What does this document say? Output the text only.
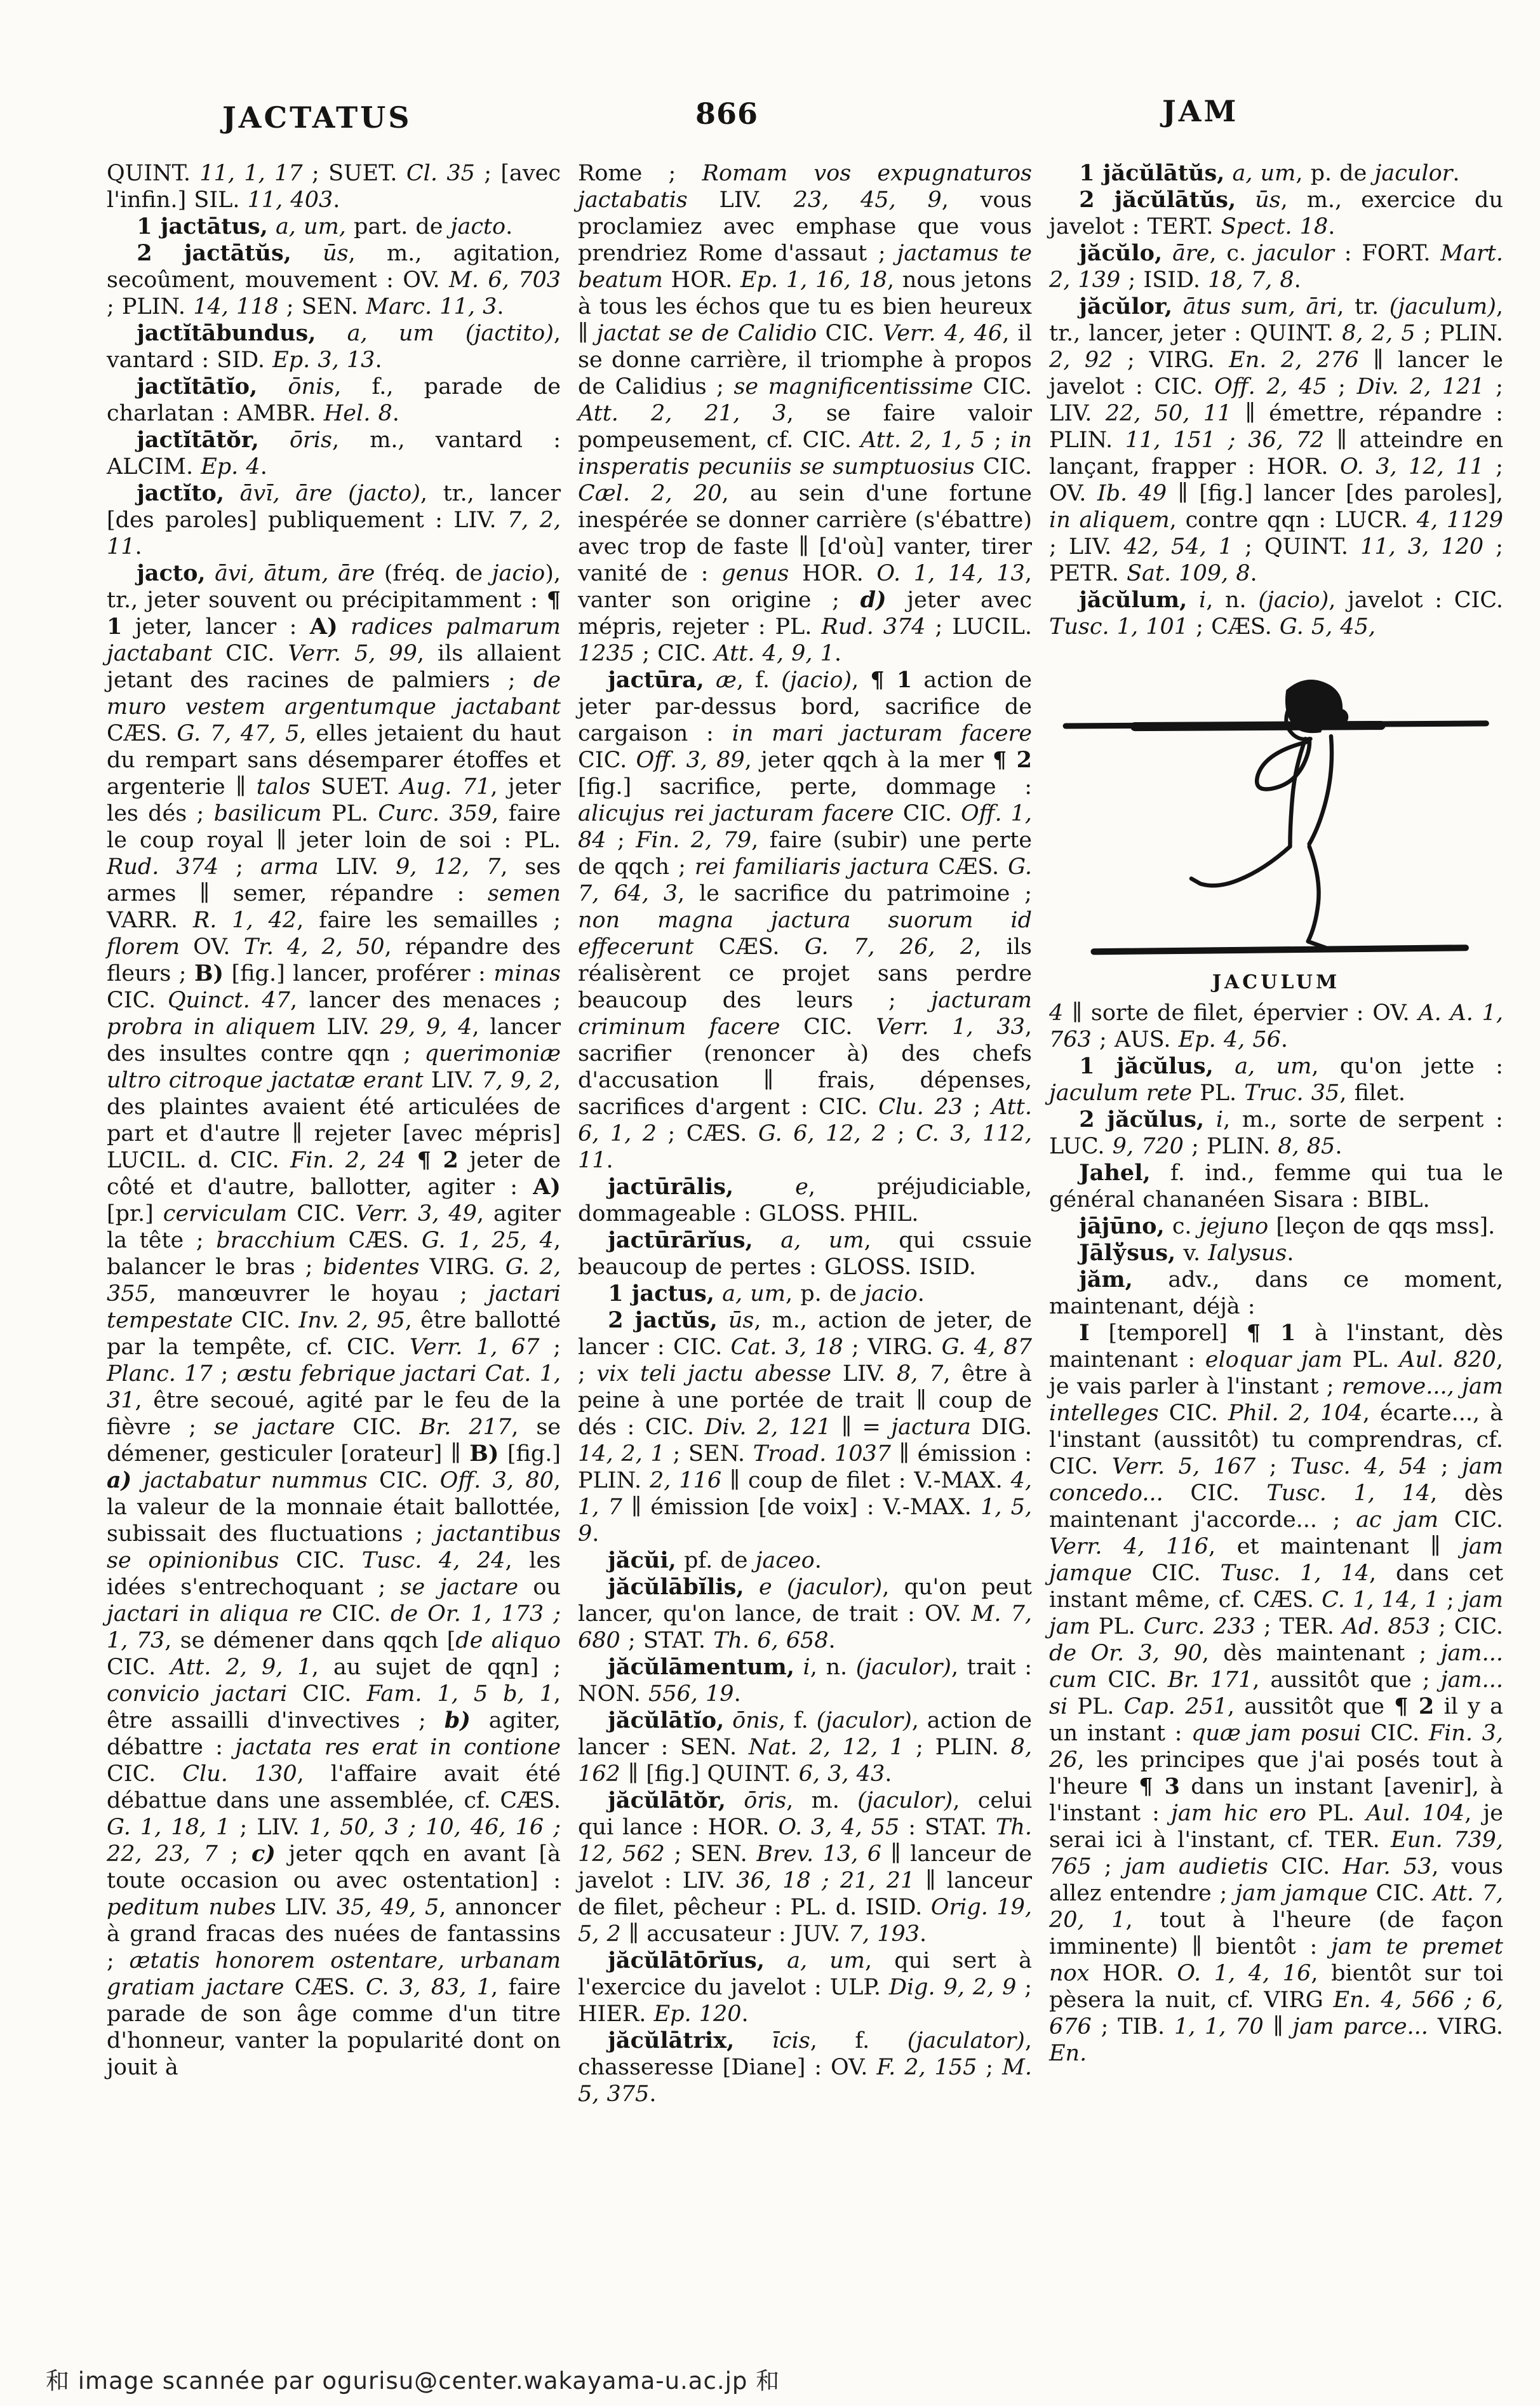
JACTATUS	866	JAM

QUINT. 11, 1, 17 ; SUET. Cl. 35 ; [avec l'infin.] SIL. 11, 403.

1 jactātus, a, um, part. de jacto.

2 jactātŭs, ūs, m., agitation, secoûment, mouvement : OV. M. 6, 703 ; PLIN. 14, 118 ; SEN. Marc. 11, 3.

jactĭtābundus, a, um (jactito), vantard : SID. Ep. 3, 13.

jactĭtātĭo, ōnis, f., parade de charlatan : AMBR. Hel. 8.

jactĭtātŏr, ōris, m., vantard : ALCIM. Ep. 4.

jactĭto, āvī, āre (jacto), tr., lancer [des paroles] publiquement : LIV. 7, 2, 11.

jacto, āvi, ātum, āre (fréq. de jacio), tr., jeter souvent ou précipitamment : ¶ 1 jeter, lancer : A) radices palmarum jactabant CIC. Verr. 5, 99, ils allaient jetant des racines de palmiers ; de muro vestem argentumque jactabant CÆS. G. 7, 47, 5, elles jetaient du haut du rempart sans désemparer étoffes et argenterie ∥ talos SUET. Aug. 71, jeter les dés ; basilicum PL. Curc. 359, faire le coup royal ∥ jeter loin de soi : PL. Rud. 374 ; arma LIV. 9, 12, 7, ses armes ∥ semer, répandre : semen VARR. R. 1, 42, faire les semailles ; florem OV. Tr. 4, 2, 50, répandre des fleurs ; B) [fig.] lancer, proférer : minas CIC. Quinct. 47, lancer des menaces ; probra in aliquem LIV. 29, 9, 4, lancer des insultes contre qqn ; querimoniæ ultro citroque jactatæ erant LIV. 7, 9, 2, des plaintes avaient été articulées de part et d'autre ∥ rejeter [avec mépris] LUCIL. d. CIC. Fin. 2, 24 ¶ 2 jeter de côté et d'autre, ballotter, agiter : A) [pr.] cerviculam CIC. Verr. 3, 49, agiter la tête ; bracchium CÆS. G. 1, 25, 4, balancer le bras ; bidentes VIRG. G. 2, 355, manœuvrer le hoyau ; jactari tempestate CIC. Inv. 2, 95, être ballotté par la tempête, cf. CIC. Verr. 1, 67 ; Planc. 17 ; æstu febrique jactari Cat. 1, 31, être secoué, agité par le feu de la fièvre ; se jactare CIC. Br. 217, se démener, gesticuler [orateur] ∥ B) [fig.] a) jactabatur nummus CIC. Off. 3, 80, la valeur de la monnaie était ballottée, subissait des fluctuations ; jactantibus se opinionibus CIC. Tusc. 4, 24, les idées s'entrechoquant ; se jactare ou jactari in aliqua re CIC. de Or. 1, 173 ; 1, 73, se démener dans qqch [de aliquo CIC. Att. 2, 9, 1, au sujet de qqn] ; convicio jactari CIC. Fam. 1, 5 b, 1, être assailli d'invectives ; b) agiter, débattre : jactata res erat in contione CIC. Clu. 130, l'affaire avait été débattue dans une assemblée, cf. CÆS. G. 1, 18, 1 ; LIV. 1, 50, 3 ; 10, 46, 16 ; 22, 23, 7 ; c) jeter qqch en avant [à toute occasion ou avec ostentation] : peditum nubes LIV. 35, 49, 5, annoncer à grand fracas des nuées de fantassins ; ætatis honorem ostentare, urbanam gratiam jactare CÆS. C. 3, 83, 1, faire parade de son âge comme d'un titre d'honneur, vanter la popularité dont on jouit à

Rome ; Romam vos expugnaturos jactabatis LIV. 23, 45, 9, vous proclamiez avec emphase que vous prendriez Rome d'assaut ; jactamus te beatum HOR. Ep. 1, 16, 18, nous jetons à tous les échos que tu es bien heureux ∥ jactat se de Calidio CIC. Verr. 4, 46, il se donne carrière, il triomphe à propos de Calidius ; se magnificentissime CIC. Att. 2, 21, 3, se faire valoir pompeusement, cf. CIC. Att. 2, 1, 5 ; in insperatis pecuniis se sumptuosius CIC. Cæl. 2, 20, au sein d'une fortune inespérée se donner carrière (s'ébattre) avec trop de faste ∥ [d'où] vanter, tirer vanité de : genus HOR. O. 1, 14, 13, vanter son origine ; d) jeter avec mépris, rejeter : PL. Rud. 374 ; LUCIL. 1235 ; CIC. Att. 4, 9, 1.

jactūra, æ, f. (jacio), ¶ 1 action de jeter par-dessus bord, sacrifice de cargaison : in mari jacturam facere CIC. Off. 3, 89, jeter qqch à la mer ¶ 2 [fig.] sacrifice, perte, dommage : alicujus rei jacturam facere CIC. Off. 1, 84 ; Fin. 2, 79, faire (subir) une perte de qqch ; rei familiaris jactura CÆS. G. 7, 64, 3, le sacrifice du patrimoine ; non magna jactura suorum id effecerunt CÆS. G. 7, 26, 2, ils réalisèrent ce projet sans perdre beaucoup des leurs ; jacturam criminum facere CIC. Verr. 1, 33, sacrifier (renoncer à) des chefs d'accusation ∥ frais, dépenses, sacrifices d'argent : CIC. Clu. 23 ; Att. 6, 1, 2 ; CÆS. G. 6, 12, 2 ; C. 3, 112, 11.

jactūrālis,	e, préjudiciable, dommageable : GLOSS. PHIL.

jactūrārĭus, a, um, qui cssuie beaucoup de pertes : GLOSS. ISID.

1 jactus, a, um, p. de jacio.

2 jactŭs, ūs, m., action de jeter, de lancer : CIC. Cat. 3, 18 ; VIRG. G. 4, 87 ; vix teli jactu abesse LIV. 8, 7, être à peine à une portée de trait ∥ coup de dés : CIC. Div. 2, 121 ∥ = jactura DIG. 14, 2, 1 ; SEN. Troad. 1037 ∥ émission : PLIN. 2, 116 ∥ coup de filet : V.-MAX. 4, 1, 7 ∥ émission [de voix] : V.-MAX. 1, 5, 9.

jăcŭi, pf. de jaceo.

jăcŭlābĭlis, e (jaculor), qu'on peut lancer, qu'on lance, de trait : OV. M. 7, 680 ; STAT. Th. 6, 658.

jăcŭlāmentum, i, n. (jaculor), trait : NON. 556, 19.

jăcŭlātĭo, ōnis, f. (jaculor), action de lancer : SEN. Nat. 2, 12, 1 ; PLIN. 8, 162 ∥ [fig.] QUINT. 6, 3, 43.

jăcŭlātŏr, ōris, m. (jaculor), celui qui lance : HOR. O. 3, 4, 55 : STAT. Th. 12, 562 ; SEN. Brev. 13, 6 ∥ lanceur de javelot : LIV. 36, 18 ; 21, 21 ∥ lanceur de filet, pêcheur : PL. d. ISID. Orig. 19, 5, 2 ∥ accusateur : JUV. 7, 193.

jăcŭlātōrĭus, a, um, qui sert à l'exercice du javelot : ULP. Dig. 9, 2, 9 ; HIER. Ep. 120.

jăcŭlātrix, īcis, f. (jaculator), chasseresse [Diane] : OV. F. 2, 155 ; M. 5, 375.

1 jăcŭlātŭs, a, um, p. de jaculor.

2 jăcŭlātŭs, ūs, m., exercice du javelot : TERT. Spect. 18.

jăcŭlo, āre, c. jaculor : FORT. Mart. 2, 139 ; ISID. 18, 7, 8.

jăcŭlor, ātus sum, āri, tr. (jaculum), tr., lancer, jeter : QUINT. 8, 2, 5 ; PLIN. 2, 92 ; VIRG. En. 2, 276 ∥ lancer le javelot : CIC. Off. 2, 45 ; Div. 2, 121 ; LIV. 22, 50, 11 ∥ émettre, répandre : PLIN. 11, 151 ; 36, 72 ∥ atteindre en lançant, frapper : HOR. O. 3, 12, 11 ; OV. Ib. 49 ∥ [fig.] lancer [des paroles], in aliquem, contre qqn : LUCR. 4, 1129 ; LIV. 42, 54, 1 ; QUINT. 11, 3, 120 ; PETR. Sat. 109, 8.

jăcŭlum, i, n. (jacio), javelot : CIC. Tusc. 1, 101 ; CÆS. G. 5, 45,

JACULUM

4 ∥ sorte de filet, épervier : OV. A. A. 1, 763 ; AUS. Ep. 4, 56.

1 jăcŭlus, a, um, qu'on jette : jaculum rete PL. Truc. 35, filet.

2 jăcŭlus, i, m., sorte de serpent : LUC. 9, 720 ; PLIN. 8, 85.

Jahel, f. ind., femme qui tua le général chananéen Sisara : BIBL.

jājūno, c. jejuno [leçon de qqs mss].

Jālўsus, v. Ialysus.

jăm, adv., dans ce moment, maintenant, déjà :

I [temporel] ¶ 1 à l'instant, dès maintenant : eloquar jam PL. Aul. 820, je vais parler à l'instant ; remove..., jam intelleges CIC. Phil. 2, 104, écarte..., à l'instant (aussitôt) tu comprendras, cf. CIC. Verr. 5, 167 ; Tusc. 4, 54 ; jam concedo... CIC. Tusc. 1, 14, dès maintenant j'accorde... ; ac jam CIC. Verr. 4, 116, et maintenant ∥ jam jamque CIC. Tusc. 1, 14, dans cet instant même, cf. CÆS. C. 1, 14, 1 ; jam jam PL. Curc. 233 ; TER. Ad. 853 ; CIC. de Or. 3, 90, dès maintenant ; jam... cum CIC. Br. 171, aussitôt que ; jam... si PL. Cap. 251, aussitôt que ¶ 2 il y a un instant : quæ jam posui CIC. Fin. 3, 26, les principes que j'ai posés tout à l'heure ¶ 3 dans un instant [avenir], à l'instant : jam hic ero PL. Aul. 104, je serai ici à l'instant, cf. TER. Eun. 739, 765 ; jam audietis CIC. Har. 53, vous allez entendre ; jam jamque CIC. Att. 7, 20, 1, tout à l'heure (de façon imminente) ∥ bientôt : jam te premet nox HOR. O. 1, 4, 16, bientôt sur toi pèsera la nuit, cf. VIRG En. 4, 566 ; 6, 676 ; TIB. 1, 1, 70 ∥ jam parce... VIRG. En.

和 image scannée par ogurisu@center.wakayama-u.ac.jp 和
